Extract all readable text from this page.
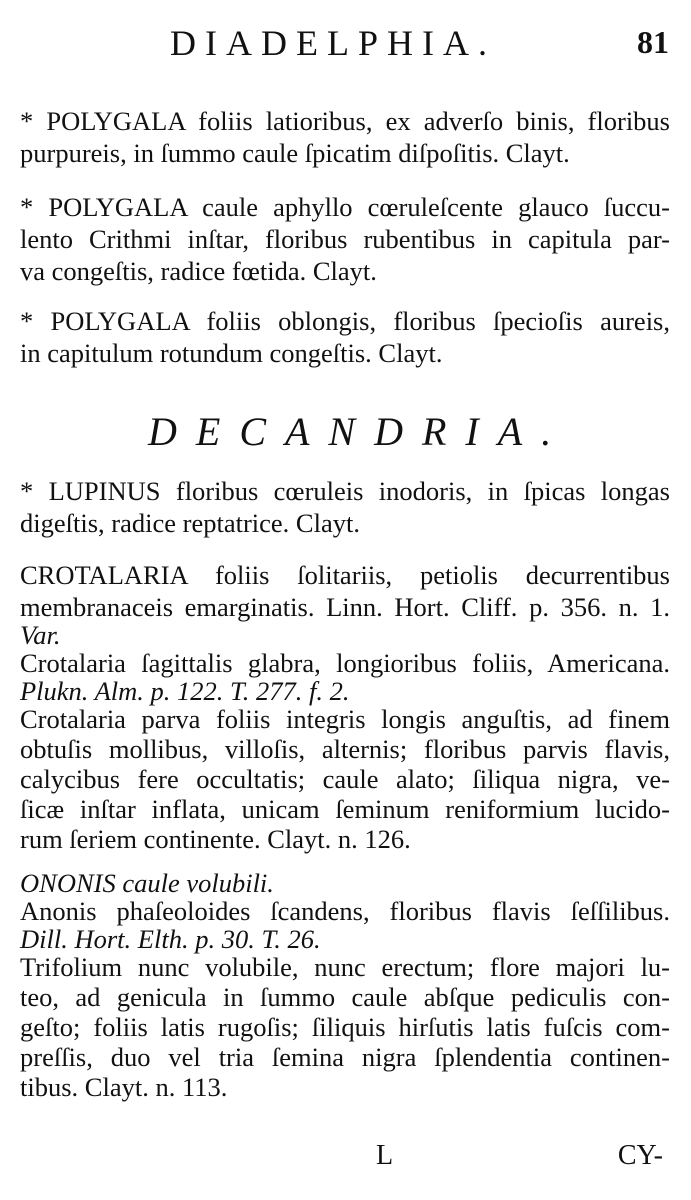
DIADELPHIA.	81
* POLYGALA foliis latioribus, ex adverſo binis, floribus
purpureis, in ſummo caule ſpicatim diſpoſitis. Clayt.
* POLYGALA caule aphyllo cœruleſcente glauco ſuccu-
lento Crithmi inſtar, floribus rubentibus in capitula par-
va congeſtis, radice fœtida. Clayt.
* POLYGALA foliis oblongis, floribus ſpecioſis aureis,
in capitulum rotundum congeſtis. Clayt.
DECANDRIA.
* LUPINUS floribus cœruleis inodoris, in ſpicas longas
digeſtis, radice reptatrice. Clayt.
CROTALARIA foliis ſolitariis, petiolis decurrentibus
membranaceis emarginatis. Linn. Hort. Cliff. p. 356. n. 1.
Var.
Crotalaria ſagittalis glabra, longioribus foliis, Americana.
Plukn. Alm. p. 122. T. 277. f. 2.
Crotalaria parva foliis integris longis anguſtis, ad finem
obtuſis mollibus, villoſis, alternis; floribus parvis flavis,
calycibus fere occultatis; caule alato; ſiliqua nigra, ve-
ſicæ inſtar inflata, unicam ſeminum reniformium lucido-
rum ſeriem continente. Clayt. n. 126.
ONONIS caule volubili.
Anonis phaſeoloides ſcandens, floribus flavis ſeſſilibus.
Dill. Hort. Elth. p. 30. T. 26.
Trifolium nunc volubile, nunc erectum; flore majori lu-
teo, ad genicula in ſummo caule abſque pediculis con-
geſto; foliis latis rugoſis; ſiliquis hirſutis latis fuſcis com-
preſſis, duo vel tria ſemina nigra ſplendentia continen-
tibus. Clayt. n. 113.
L	CY-
